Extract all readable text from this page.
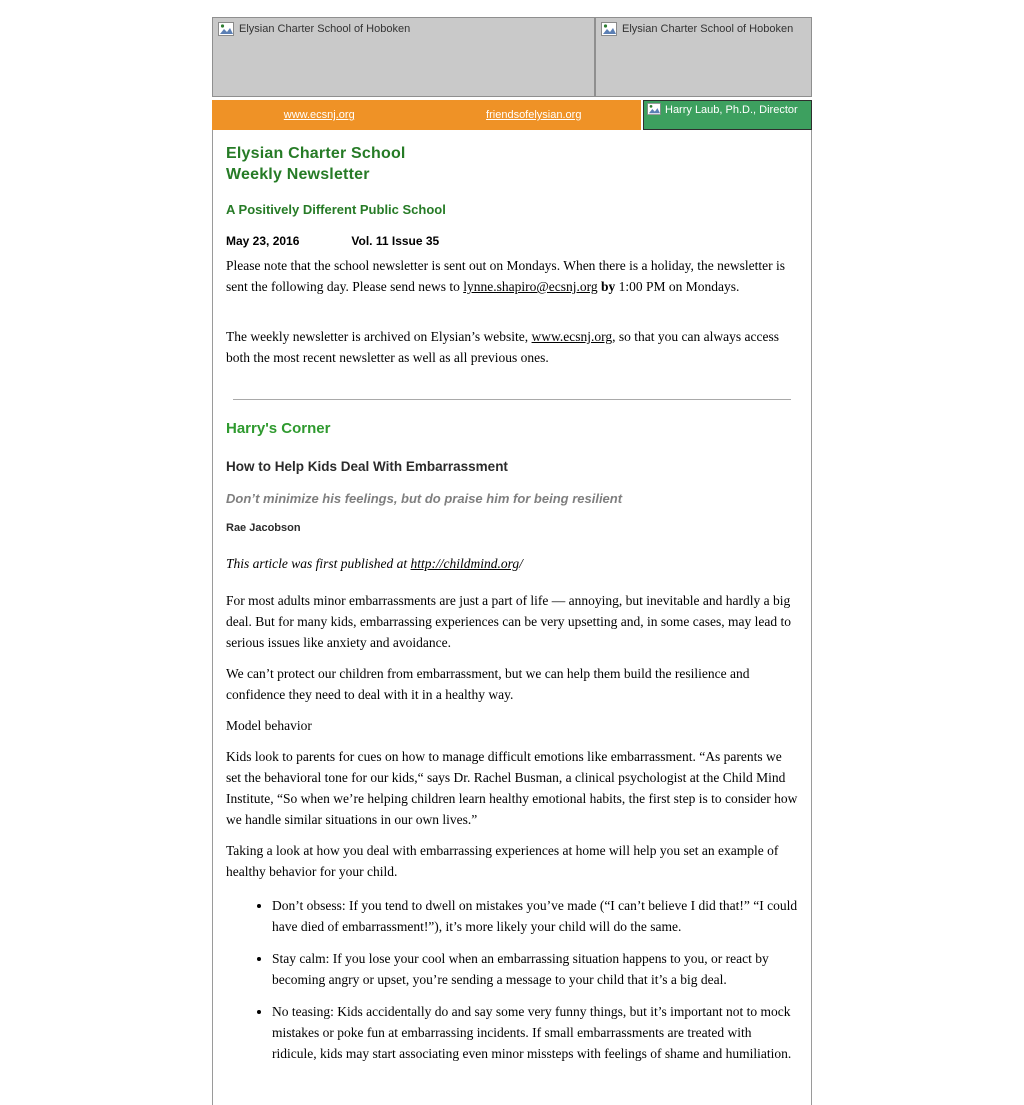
Elysian Charter School of Hoboken	Elysian Charter School of Hoboken
www.ecsnj.org	friendsofelysian.org	Harry Laub, Ph.D., Director
Elysian Charter School
Weekly Newsletter

A Positively Different Public School

May 23, 2016	Vol. 11 Issue 35

Please note that the school newsletter is sent out on Mondays. When there is a holiday, the newsletter is sent the following day. Please send news to lynne.shapiro@ecsnj.org by 1:00 PM on Mondays.

The weekly newsletter is archived on Elysian’s website, www.ecsnj.org, so that you can always access both the most recent newsletter as well as all previous ones.

Harry's Corner
How to Help Kids Deal With Embarrassment

Don’t minimize his feelings, but do praise him for being resilient

Rae Jacobson

This article was first published at http://childmind.org/

For most adults minor embarrassments are just a part of life — annoying, but inevitable and hardly a big deal. But for many kids, embarrassing experiences can be very upsetting and, in some cases, may lead to serious issues like anxiety and avoidance.

We can’t protect our children from embarrassment, but we can help them build the resilience and confidence they need to deal with it in a healthy way.

Model behavior

Kids look to parents for cues on how to manage difficult emotions like embarrassment. “As parents we set the behavioral tone for our kids,“ says Dr. Rachel Busman, a clinical psychologist at the Child Mind Institute, “So when we’re helping children learn healthy emotional habits, the first step is to consider how we handle similar situations in our own lives.”

Taking a look at how you deal with embarrassing experiences at home will help you set an example of healthy behavior for your child.

• Don’t obsess: If you tend to dwell on mistakes you’ve made (“I can’t believe I did that!” “I could have died of embarrassment!”), it’s more likely your child will do the same.
• Stay calm: If you lose your cool when an embarrassing situation happens to you, or react by becoming angry or upset, you’re sending a message to your child that it’s a big deal.
• No teasing: Kids accidentally do and say some very funny things, but it’s important not to mock mistakes or poke fun at embarrassing incidents. If small embarrassments are treated with ridicule, kids may start associating even minor missteps with feelings of shame and humiliation.
